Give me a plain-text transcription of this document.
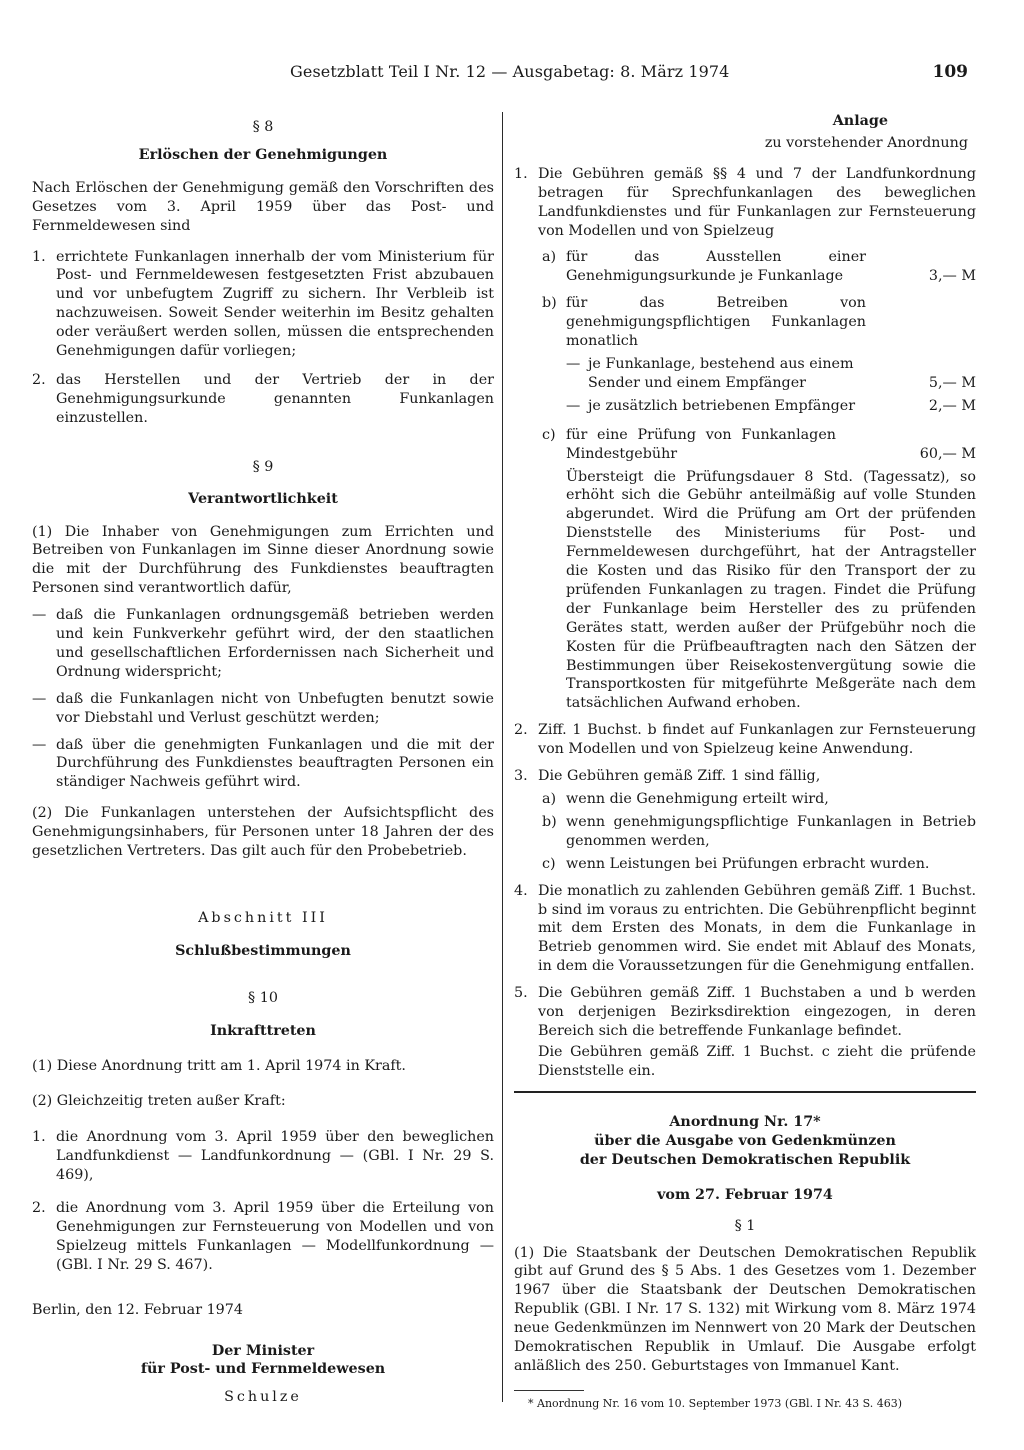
Gesetzblatt Teil I Nr. 12 — Ausgabetag: 8. März 1974	109
§ 8
Erlöschen der Genehmigungen
Nach Erlöschen der Genehmigung gemäß den Vorschriften des Gesetzes vom 3. April 1959 über das Post- und Fernmeldewesen sind
1. errichtete Funkanlagen innerhalb der vom Ministerium für Post- und Fernmeldewesen festgesetzten Frist abzubauen und vor unbefugtem Zugriff zu sichern. Ihr Verbleib ist nachzuweisen. Soweit Sender weiterhin im Besitz gehalten oder veräußert werden sollen, müssen die entsprechenden Genehmigungen dafür vorliegen;
2. das Herstellen und der Vertrieb der in der Genehmigungsurkunde genannten Funkanlagen einzustellen.
§ 9
Verantwortlichkeit
(1) Die Inhaber von Genehmigungen zum Errichten und Betreiben von Funkanlagen im Sinne dieser Anordnung sowie die mit der Durchführung des Funkdienstes beauftragten Personen sind verantwortlich dafür,
— daß die Funkanlagen ordnungsgemäß betrieben werden und kein Funkverkehr geführt wird, der den staatlichen und gesellschaftlichen Erfordernissen nach Sicherheit und Ordnung widerspricht;
— daß die Funkanlagen nicht von Unbefugten benutzt sowie vor Diebstahl und Verlust geschützt werden;
— daß über die genehmigten Funkanlagen und die mit der Durchführung des Funkdienstes beauftragten Personen ein ständiger Nachweis geführt wird.
(2) Die Funkanlagen unterstehen der Aufsichtspflicht des Genehmigungsinhabers, für Personen unter 18 Jahren der des gesetzlichen Vertreters. Das gilt auch für den Probebetrieb.
Abschnitt III
Schlußbestimmungen
§ 10
Inkrafttreten
(1) Diese Anordnung tritt am 1. April 1974 in Kraft.
(2) Gleichzeitig treten außer Kraft:
1. die Anordnung vom 3. April 1959 über den beweglichen Landfunkdienst — Landfunkordnung — (GBl. I Nr. 29 S. 469),
2. die Anordnung vom 3. April 1959 über die Erteilung von Genehmigungen zur Fernsteuerung von Modellen und von Spielzeug mittels Funkanlagen — Modellfunkordnung — (GBl. I Nr. 29 S. 467).
Berlin, den 12. Februar 1974
Der Minister
für Post- und Fernmeldewesen
Schulze
Anlage
zu vorstehender Anordnung
1. Die Gebühren gemäß §§ 4 und 7 der Landfunkordnung betragen für Sprechfunkanlagen des beweglichen Landfunkdienstes und für Funkanlagen zur Fernsteuerung von Modellen und von Spielzeug
a) für das Ausstellen einer Genehmigungsurkunde je Funkanlage	3,— M
b) für das Betreiben von genehmigungspflichtigen Funkanlagen monatlich
— je Funkanlage, bestehend aus einem Sender und einem Empfänger	5,— M
— je zusätzlich betriebenen Empfänger	2,— M
c) für eine Prüfung von Funkanlagen Mindestgebühr	60,— M
Übersteigt die Prüfungsdauer 8 Std. (Tagessatz), so erhöht sich die Gebühr anteilmäßig auf volle Stunden abgerundet. Wird die Prüfung am Ort der prüfenden Dienststelle des Ministeriums für Post- und Fernmeldewesen durchgeführt, hat der Antragsteller die Kosten und das Risiko für den Transport der zu prüfenden Funkanlagen zu tragen. Findet die Prüfung der Funkanlage beim Hersteller des zu prüfenden Gerätes statt, werden außer der Prüfgebühr noch die Kosten für die Prüfbeauftragten nach den Sätzen der Bestimmungen über Reisekostenvergütung sowie die Transportkosten für mitgeführte Meßgeräte nach dem tatsächlichen Aufwand erhoben.
2. Ziff. 1 Buchst. b findet auf Funkanlagen zur Fernsteuerung von Modellen und von Spielzeug keine Anwendung.
3. Die Gebühren gemäß Ziff. 1 sind fällig,
a) wenn die Genehmigung erteilt wird,
b) wenn genehmigungspflichtige Funkanlagen in Betrieb genommen werden,
c) wenn Leistungen bei Prüfungen erbracht wurden.
4. Die monatlich zu zahlenden Gebühren gemäß Ziff. 1 Buchst. b sind im voraus zu entrichten. Die Gebührenpflicht beginnt mit dem Ersten des Monats, in dem die Funkanlage in Betrieb genommen wird. Sie endet mit Ablauf des Monats, in dem die Voraussetzungen für die Genehmigung entfallen.
5. Die Gebühren gemäß Ziff. 1 Buchstaben a und b werden von derjenigen Bezirksdirektion eingezogen, in deren Bereich sich die betreffende Funkanlage befindet.
Die Gebühren gemäß Ziff. 1 Buchst. c zieht die prüfende Dienststelle ein.
Anordnung Nr. 17*
über die Ausgabe von Gedenkmünzen
der Deutschen Demokratischen Republik
vom 27. Februar 1974
§ 1
(1) Die Staatsbank der Deutschen Demokratischen Republik gibt auf Grund des § 5 Abs. 1 des Gesetzes vom 1. Dezember 1967 über die Staatsbank der Deutschen Demokratischen Republik (GBl. I Nr. 17 S. 132) mit Wirkung vom 8. März 1974 neue Gedenkmünzen im Nennwert von 20 Mark der Deutschen Demokratischen Republik in Umlauf. Die Ausgabe erfolgt anläßlich des 250. Geburtstages von Immanuel Kant.
* Anordnung Nr. 16 vom 10. September 1973 (GBl. I Nr. 43 S. 463)
